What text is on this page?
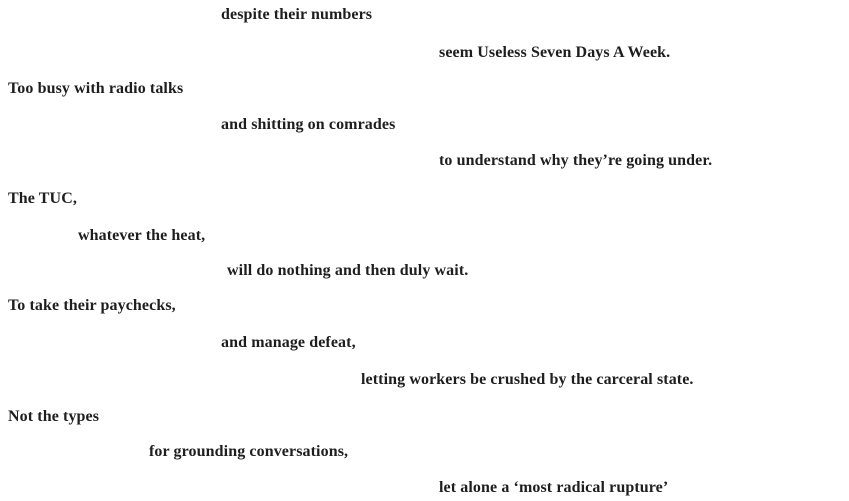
despite their numbers
seem Useless Seven Days A Week.
Too busy with radio talks
and shitting on comrades
to understand why they’re going under.
The TUC,
whatever the heat,
will do nothing and then duly wait.
To take their paychecks,
and manage defeat,
letting workers be crushed by the carceral state.
Not the types
for grounding conversations,
let alone a ‘most radical rupture’
